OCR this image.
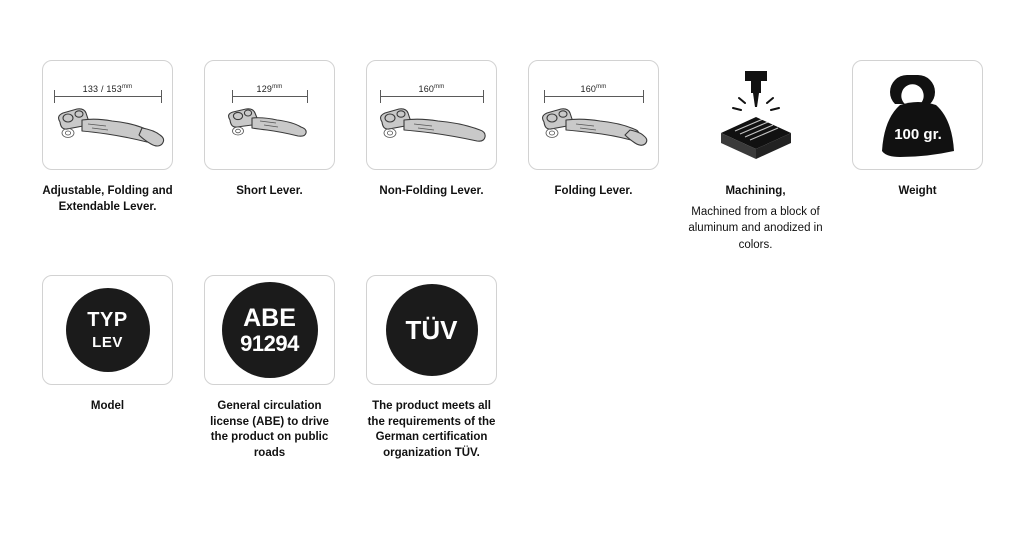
$133 / 153^{mm}$
Adjustable, Folding and Extendable Lever.
$129^{mm}$
Short Lever.
$160^{mm}$
Non-Folding Lever.
$160^{mm}$
Folding Lever.	Machining,
Machined from a block of aluminum and anodized in colors.
100 gr.
Weight
TYP
LEV
Model
ABE
91294
General circulation license (ABE) to drive the product on public roads
TÜV
The product meets all the requirements of the German certification organization TÜV.
